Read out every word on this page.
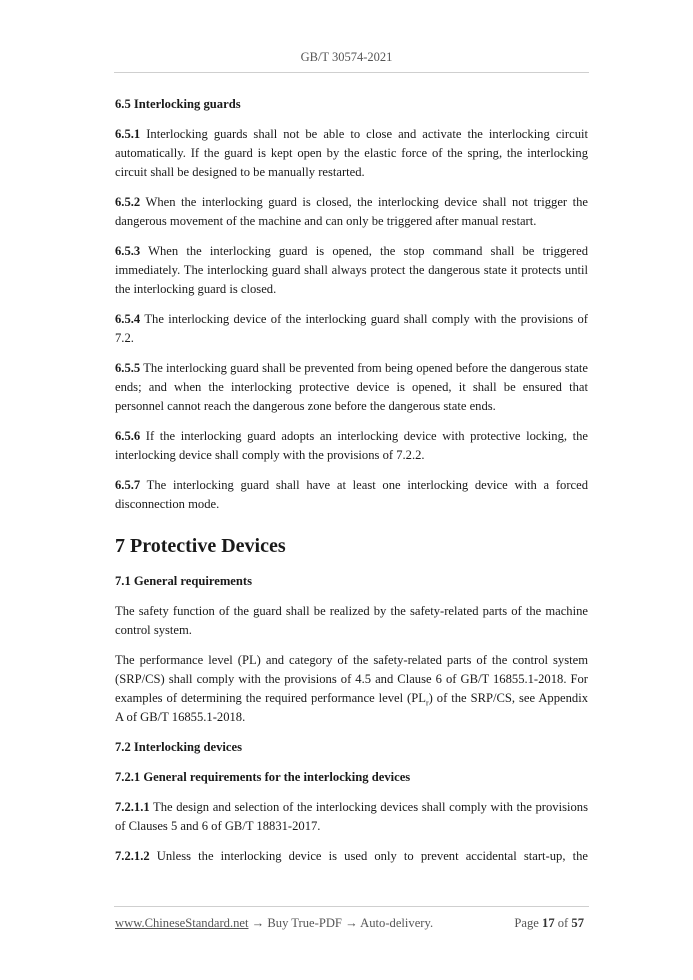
GB/T 30574-2021
6.5 Interlocking guards

6.5.1 Interlocking guards shall not be able to close and activate the interlocking circuit automatically. If the guard is kept open by the elastic force of the spring, the interlocking circuit shall be designed to be manually restarted.

6.5.2 When the interlocking guard is closed, the interlocking device shall not trigger the dangerous movement of the machine and can only be triggered after manual restart.

6.5.3 When the interlocking guard is opened, the stop command shall be triggered immediately. The interlocking guard shall always protect the dangerous state it protects until the interlocking guard is closed.

6.5.4 The interlocking device of the interlocking guard shall comply with the provisions of 7.2.

6.5.5 The interlocking guard shall be prevented from being opened before the dangerous state ends; and when the interlocking protective device is opened, it shall be ensured that personnel cannot reach the dangerous zone before the dangerous state ends.

6.5.6 If the interlocking guard adopts an interlocking device with protective locking, the interlocking device shall comply with the provisions of 7.2.2.

6.5.7 The interlocking guard shall have at least one interlocking device with a forced disconnection mode.

7 Protective Devices
7.1 General requirements

The safety function of the guard shall be realized by the safety-related parts of the machine control system.

The performance level (PL) and category of the safety-related parts of the control system (SRP/CS) shall comply with the provisions of 4.5 and Clause 6 of GB/T 16855.1-2018. For examples of determining the required performance level $(PL_r)$ of the SRP/CS, see Appendix A of GB/T 16855.1-2018.

7.2 Interlocking devices
7.2.1 General requirements for the interlocking devices

7.2.1.1 The design and selection of the interlocking devices shall comply with the provisions of Clauses 5 and 6 of GB/T 18831-2017.

7.2.1.2 Unless the interlocking device is used only to prevent accidental start-up, the

www.ChineseStandard.net → Buy True-PDF → Auto-delivery.	Page 17 of 57
